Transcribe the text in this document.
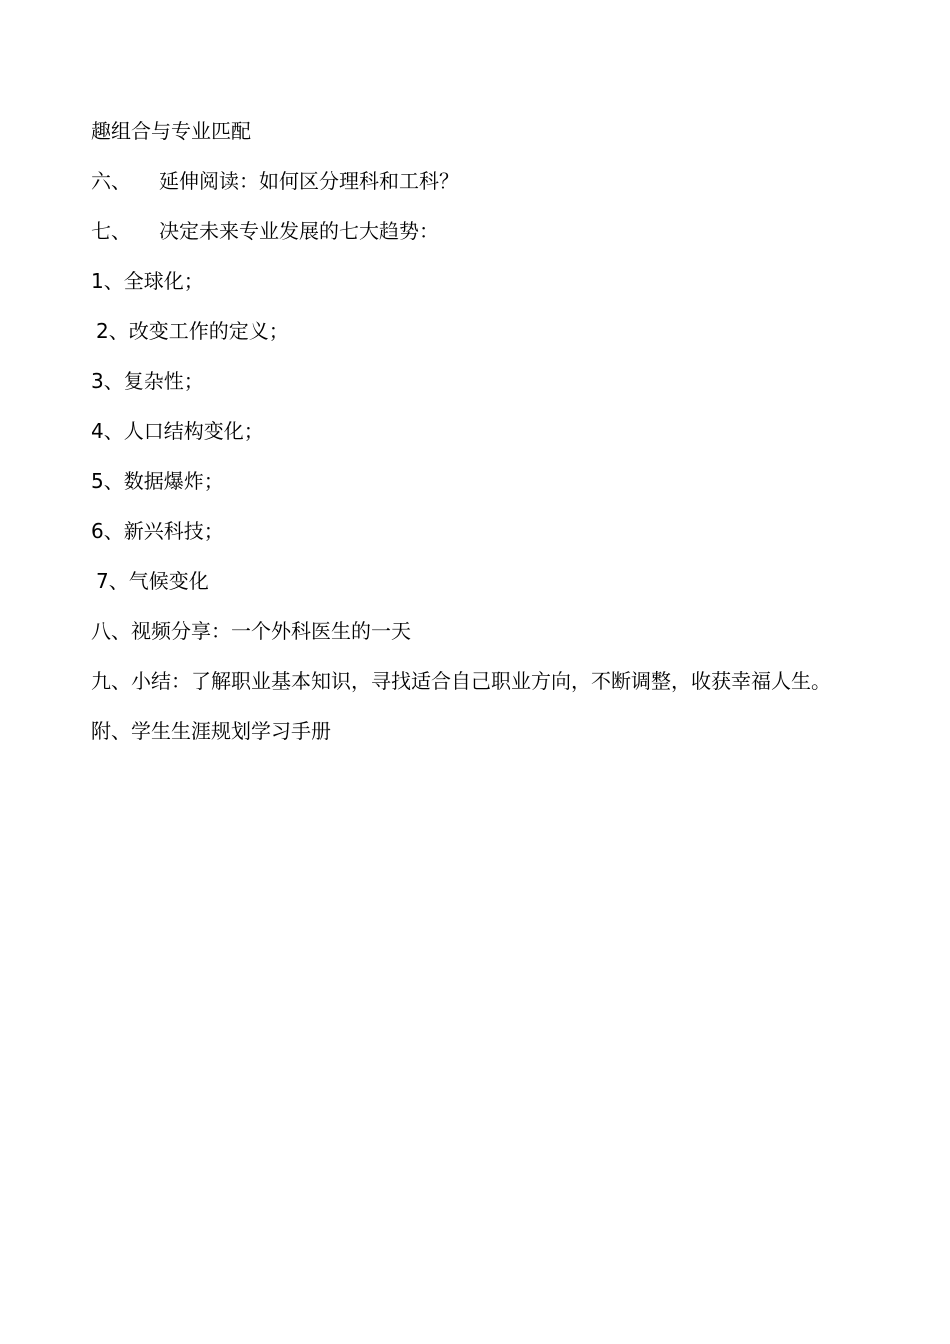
趣组合与专业匹配
六、 延伸阅读：如何区分理科和工科？
七、 决定未来专业发展的七大趋势：
1、全球化；
2、改变工作的定义；
3、复杂性；
4、人口结构变化；
5、数据爆炸；
6、新兴科技；
7、气候变化
八、视频分享：一个外科医生的一天
九、小结：了解职业基本知识，寻找适合自己职业方向，不断调整，收获幸福人生。
附、学生生涯规划学习手册
